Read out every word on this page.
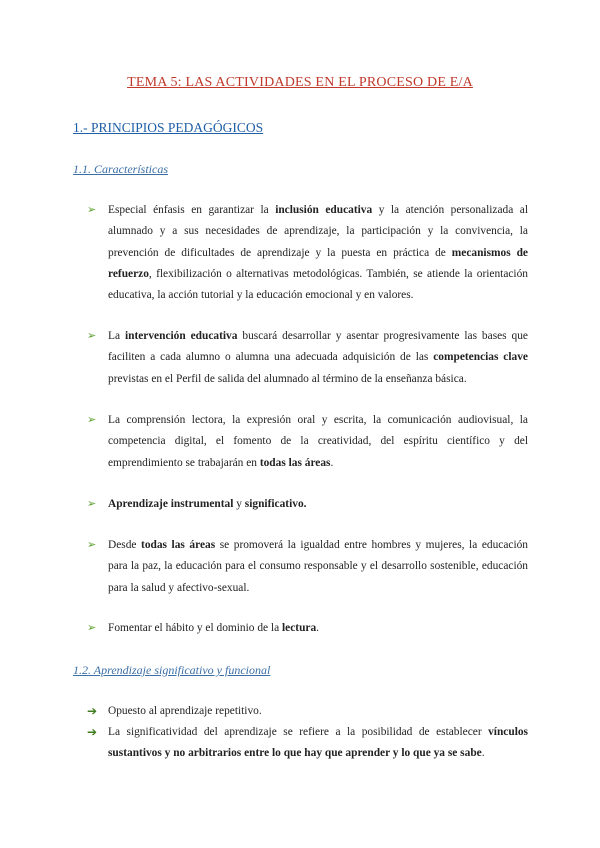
TEMA 5: LAS ACTIVIDADES EN EL PROCESO DE E/A
1.- PRINCIPIOS PEDAGÓGICOS
1.1. Características
➢	Especial énfasis en garantizar la inclusión educativa y la atención personalizada al alumnado y a sus necesidades de aprendizaje, la participación y la convivencia, la prevención de dificultades de aprendizaje y la puesta en práctica de mecanismos de refuerzo, flexibilización o alternativas metodológicas. También, se atiende la orientación educativa, la acción tutorial y la educación emocional y en valores.
➢	La intervención educativa buscará desarrollar y asentar progresivamente las bases que faciliten a cada alumno o alumna una adecuada adquisición de las competencias clave previstas en el Perfil de salida del alumnado al término de la enseñanza básica.
➢	La comprensión lectora, la expresión oral y escrita, la comunicación audiovisual, la competencia digital, el fomento de la creatividad, del espíritu científico y del emprendimiento se trabajarán en todas las áreas.
➢	Aprendizaje instrumental y significativo.
➢	Desde todas las áreas se promoverá la igualdad entre hombres y mujeres, la educación para la paz, la educación para el consumo responsable y el desarrollo sostenible, educación para la salud y afectivo-sexual.
➢	Fomentar el hábito y el dominio de la lectura.
1.2. Aprendizaje significativo y funcional
➔ Opuesto al aprendizaje repetitivo.
➔ La significatividad del aprendizaje se refiere a la posibilidad de establecer vínculos sustantivos y no arbitrarios entre lo que hay que aprender y lo que ya se sabe.
